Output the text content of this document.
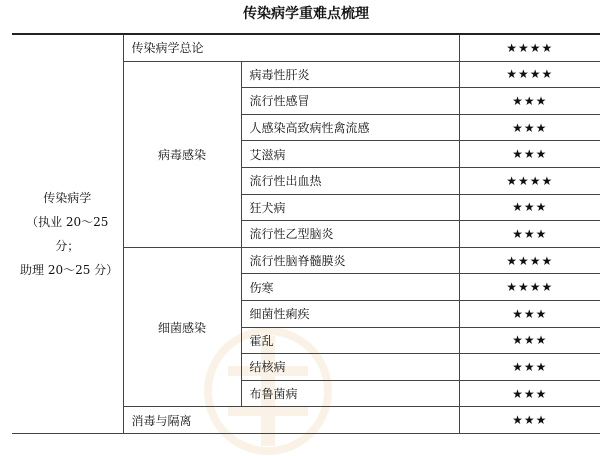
传染病学重难点梳理
传染病学
（执业 20～25 分；
助理 20～25 分）	传染病学总论		★★★★
	病毒感染	病毒性肝炎	★★★★
		流行性感冒	★★★
		人感染高致病性禽流感	★★★
		艾滋病	★★★
		流行性出血热	★★★★
		狂犬病	★★★
		流行性乙型脑炎	★★★
	细菌感染	流行性脑脊髓膜炎	★★★★
		伤寒	★★★★
		细菌性痢疾	★★★
		霍乱	★★★
		结核病	★★★
		布鲁菌病	★★★
	消毒与隔离		★★★
